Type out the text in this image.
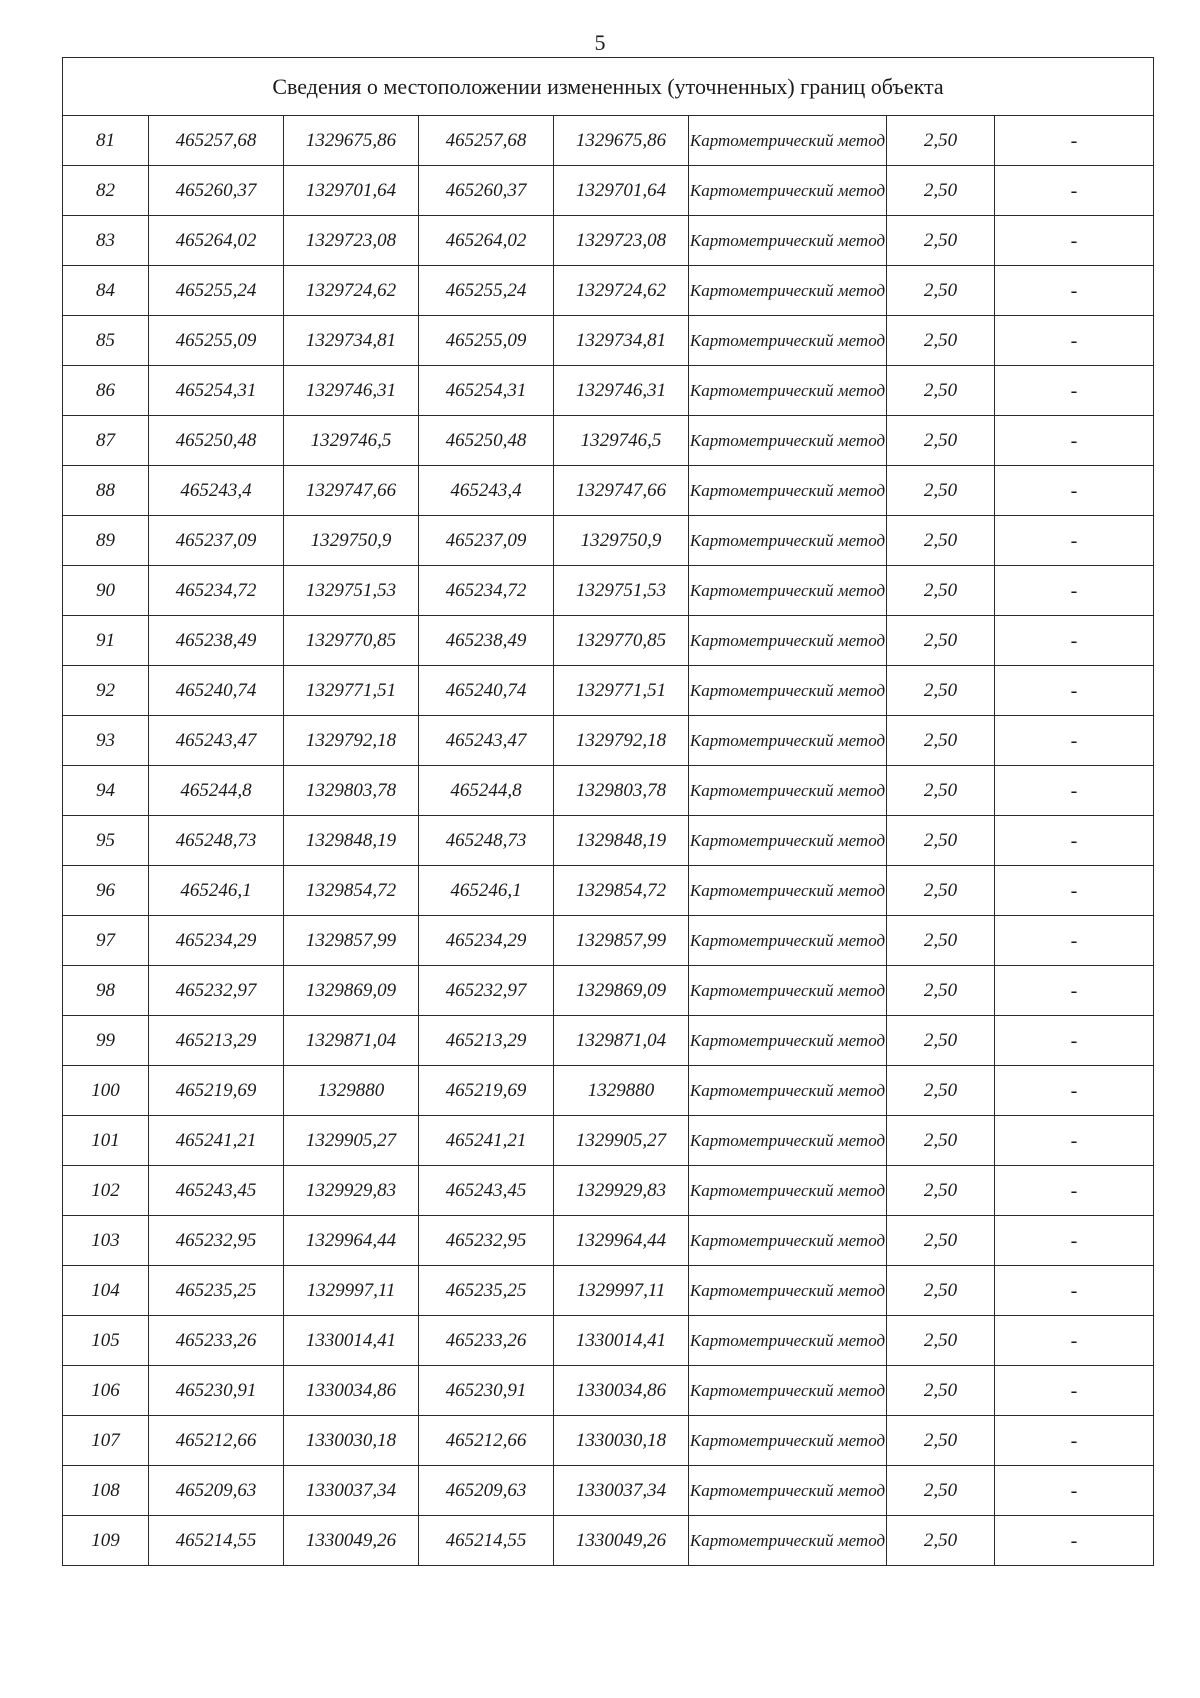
5
Сведения о местоположении измененных (уточненных) границ объекта							
81	465257,68	1329675,86	465257,68	1329675,86	Картометрический метод	2,50	-
82	465260,37	1329701,64	465260,37	1329701,64	Картометрический метод	2,50	-
83	465264,02	1329723,08	465264,02	1329723,08	Картометрический метод	2,50	-
84	465255,24	1329724,62	465255,24	1329724,62	Картометрический метод	2,50	-
85	465255,09	1329734,81	465255,09	1329734,81	Картометрический метод	2,50	-
86	465254,31	1329746,31	465254,31	1329746,31	Картометрический метод	2,50	-
87	465250,48	1329746,5	465250,48	1329746,5	Картометрический метод	2,50	-
88	465243,4	1329747,66	465243,4	1329747,66	Картометрический метод	2,50	-
89	465237,09	1329750,9	465237,09	1329750,9	Картометрический метод	2,50	-
90	465234,72	1329751,53	465234,72	1329751,53	Картометрический метод	2,50	-
91	465238,49	1329770,85	465238,49	1329770,85	Картометрический метод	2,50	-
92	465240,74	1329771,51	465240,74	1329771,51	Картометрический метод	2,50	-
93	465243,47	1329792,18	465243,47	1329792,18	Картометрический метод	2,50	-
94	465244,8	1329803,78	465244,8	1329803,78	Картометрический метод	2,50	-
95	465248,73	1329848,19	465248,73	1329848,19	Картометрический метод	2,50	-
96	465246,1	1329854,72	465246,1	1329854,72	Картометрический метод	2,50	-
97	465234,29	1329857,99	465234,29	1329857,99	Картометрический метод	2,50	-
98	465232,97	1329869,09	465232,97	1329869,09	Картометрический метод	2,50	-
99	465213,29	1329871,04	465213,29	1329871,04	Картометрический метод	2,50	-
100	465219,69	1329880	465219,69	1329880	Картометрический метод	2,50	-
101	465241,21	1329905,27	465241,21	1329905,27	Картометрический метод	2,50	-
102	465243,45	1329929,83	465243,45	1329929,83	Картометрический метод	2,50	-
103	465232,95	1329964,44	465232,95	1329964,44	Картометрический метод	2,50	-
104	465235,25	1329997,11	465235,25	1329997,11	Картометрический метод	2,50	-
105	465233,26	1330014,41	465233,26	1330014,41	Картометрический метод	2,50	-
106	465230,91	1330034,86	465230,91	1330034,86	Картометрический метод	2,50	-
107	465212,66	1330030,18	465212,66	1330030,18	Картометрический метод	2,50	-
108	465209,63	1330037,34	465209,63	1330037,34	Картометрический метод	2,50	-
109	465214,55	1330049,26	465214,55	1330049,26	Картометрический метод	2,50	-
